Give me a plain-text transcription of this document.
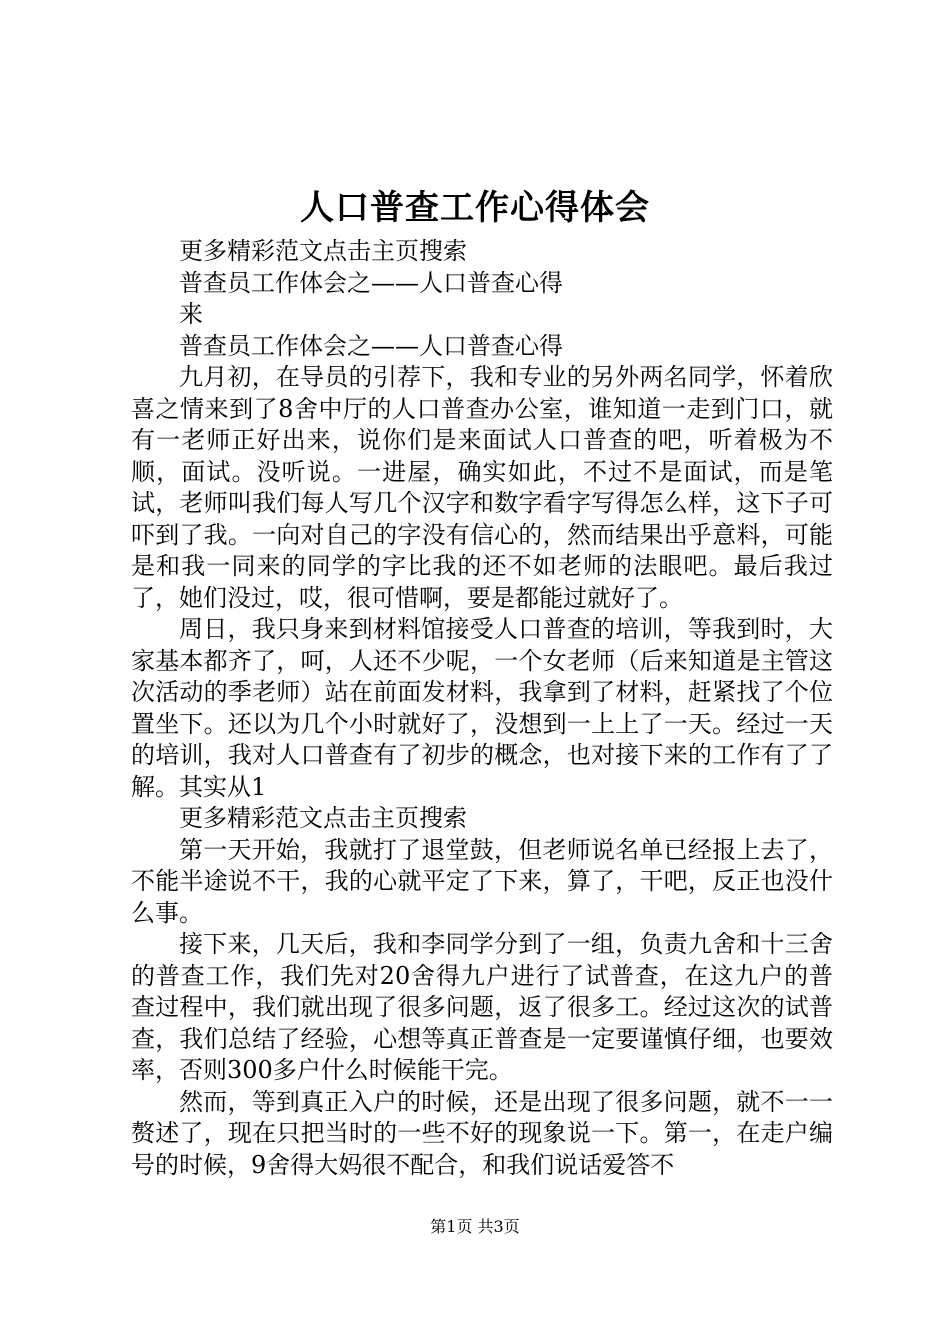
人口普查工作心得体会

更多精彩范文点击主页搜索

普查员工作体会之——人口普查心得

来

普查员工作体会之——人口普查心得

九月初，在导员的引荐下，我和专业的另外两名同学，怀着欣喜之情来到了8舍中厅的人口普查办公室，谁知道一走到门口，就有一老师正好出来，说你们是来面试人口普查的吧，听着极为不顺，面试。没听说。一进屋，确实如此，不过不是面试，而是笔试，老师叫我们每人写几个汉字和数字看字写得怎么样，这下子可吓到了我。一向对自己的字没有信心的，然而结果出乎意料，可能是和我一同来的同学的字比我的还不如老师的法眼吧。最后我过了，她们没过，哎，很可惜啊，要是都能过就好了。

周日，我只身来到材料馆接受人口普查的培训，等我到时，大家基本都齐了，呵，人还不少呢，一个女老师（后来知道是主管这次活动的季老师）站在前面发材料，我拿到了材料，赶紧找了个位置坐下。还以为几个小时就好了，没想到一上上了一天。经过一天的培训，我对人口普查有了初步的概念，也对接下来的工作有了了解。其实从1

更多精彩范文点击主页搜索

第一天开始，我就打了退堂鼓，但老师说名单已经报上去了，不能半途说不干，我的心就平定了下来，算了，干吧，反正也没什么事。

接下来，几天后，我和李同学分到了一组，负责九舍和十三舍的普查工作，我们先对20舍得九户进行了试普查，在这九户的普查过程中，我们就出现了很多问题，返了很多工。经过这次的试普查，我们总结了经验，心想等真正普查是一定要谨慎仔细，也要效率，否则300多户什么时候能干完。

然而，等到真正入户的时候，还是出现了很多问题，就不一一赘述了，现在只把当时的一些不好的现象说一下。第一，在走户编号的时候，9舍得大妈很不配合，和我们说话爱答不

第1页 共3页
